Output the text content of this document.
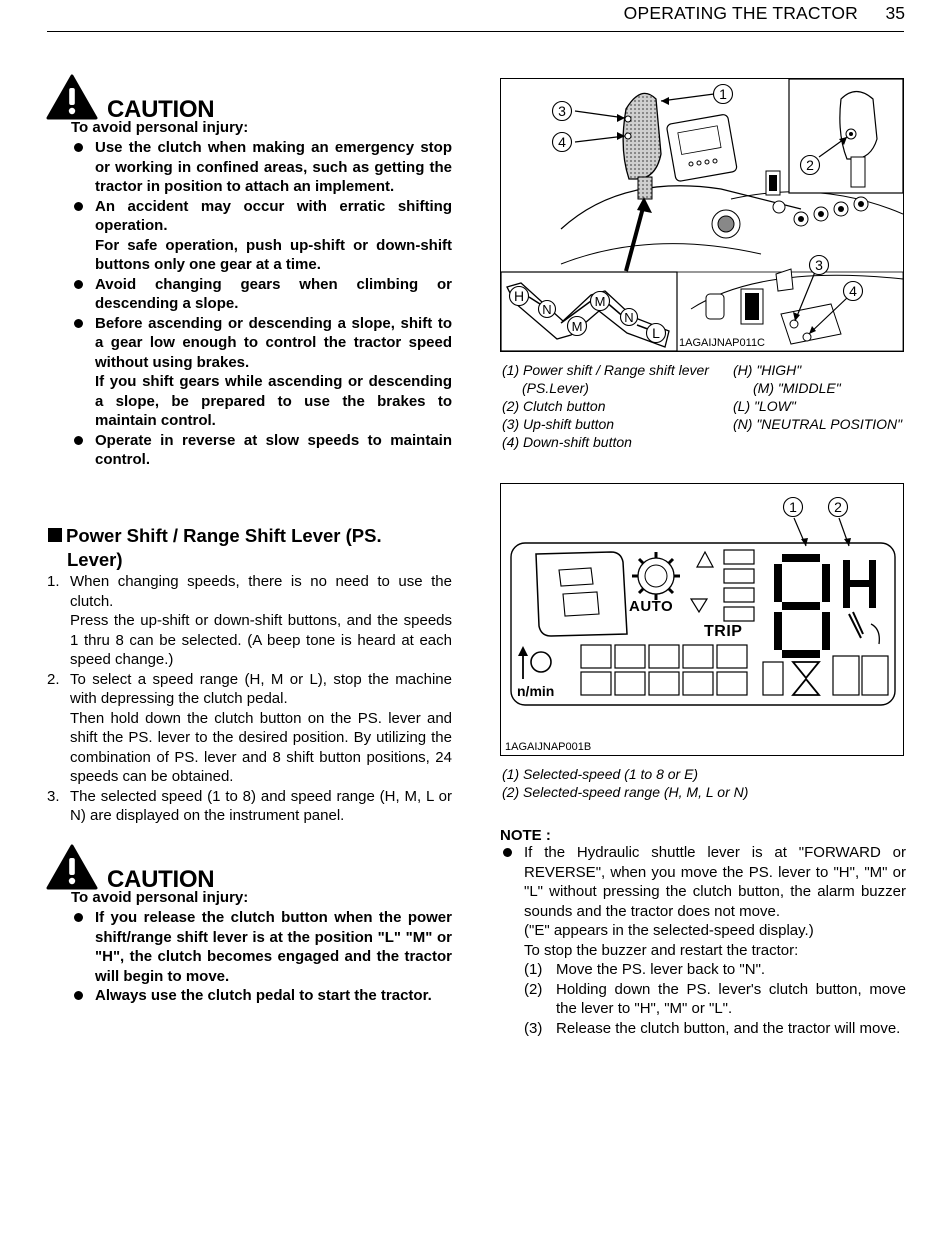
OPERATING THE TRACTOR 35
CAUTION
To avoid personal injury:
Use the clutch when making an emergency stop or working in confined areas, such as getting the tractor in position to attach an implement.
An accident may occur with erratic shifting operation.
For safe operation, push up-shift or down-shift buttons only one gear at a time.
Avoid changing gears when climbing or descending a slope.
Before ascending or descending a slope, shift to a gear low enough to control the tractor speed without using brakes.
If you shift gears while ascending or descending a slope, be prepared to use the brakes to maintain control.
Operate in reverse at slow speeds to maintain control.
Power Shift / Range Shift Lever (PS.
Lever)
1. When changing speeds, there is no need to use the clutch.
Press the up-shift or down-shift buttons, and the speeds 1 thru 8 can be selected. (A beep tone is heard at each speed change.)
2. To select a speed range (H, M or L), stop the machine with depressing the clutch pedal.
Then hold down the clutch button on the PS. lever and shift the PS. lever to the desired position. By utilizing the combination of PS. lever and 8 shift button positions, 24 speeds can be obtained.
3. The selected speed (1 to 8) and speed range (H, M, L or N) are displayed on the instrument panel.
CAUTION
To avoid personal injury:
If you release the clutch button when the power shift/range shift lever is at the position "L" "M" or "H", the clutch becomes engaged and the tractor will begin to move.
Always use the clutch pedal to start the tractor.
3
4
1
2
3
4
H
N
M
M
N
L
1AGAIJNAP011C
(1) Power shift / Range shift lever	(H) "HIGH"
(PS.Lever)	(M) "MIDDLE"
(2) Clutch button	(L) "LOW"
(3) Up-shift button	(N) "NEUTRAL POSITION"
(4) Down-shift button
1	2
AUTO
TRIP
n/min
1AGAIJNAP001B
(1) Selected-speed (1 to 8 or E)
(2) Selected-speed range (H, M, L or N)
NOTE :
If the Hydraulic shuttle lever is at "FORWARD or REVERSE", when you move the PS. lever to "H", "M" or "L" without pressing the clutch button, the alarm buzzer sounds and the tractor does not move.
("E" appears in the selected-speed display.)
To stop the buzzer and restart the tractor:
(1) Move the PS. lever back to "N".
(2) Holding down the PS. lever's clutch button, move the lever to "H", "M" or "L".
(3) Release the clutch button, and the tractor will move.
